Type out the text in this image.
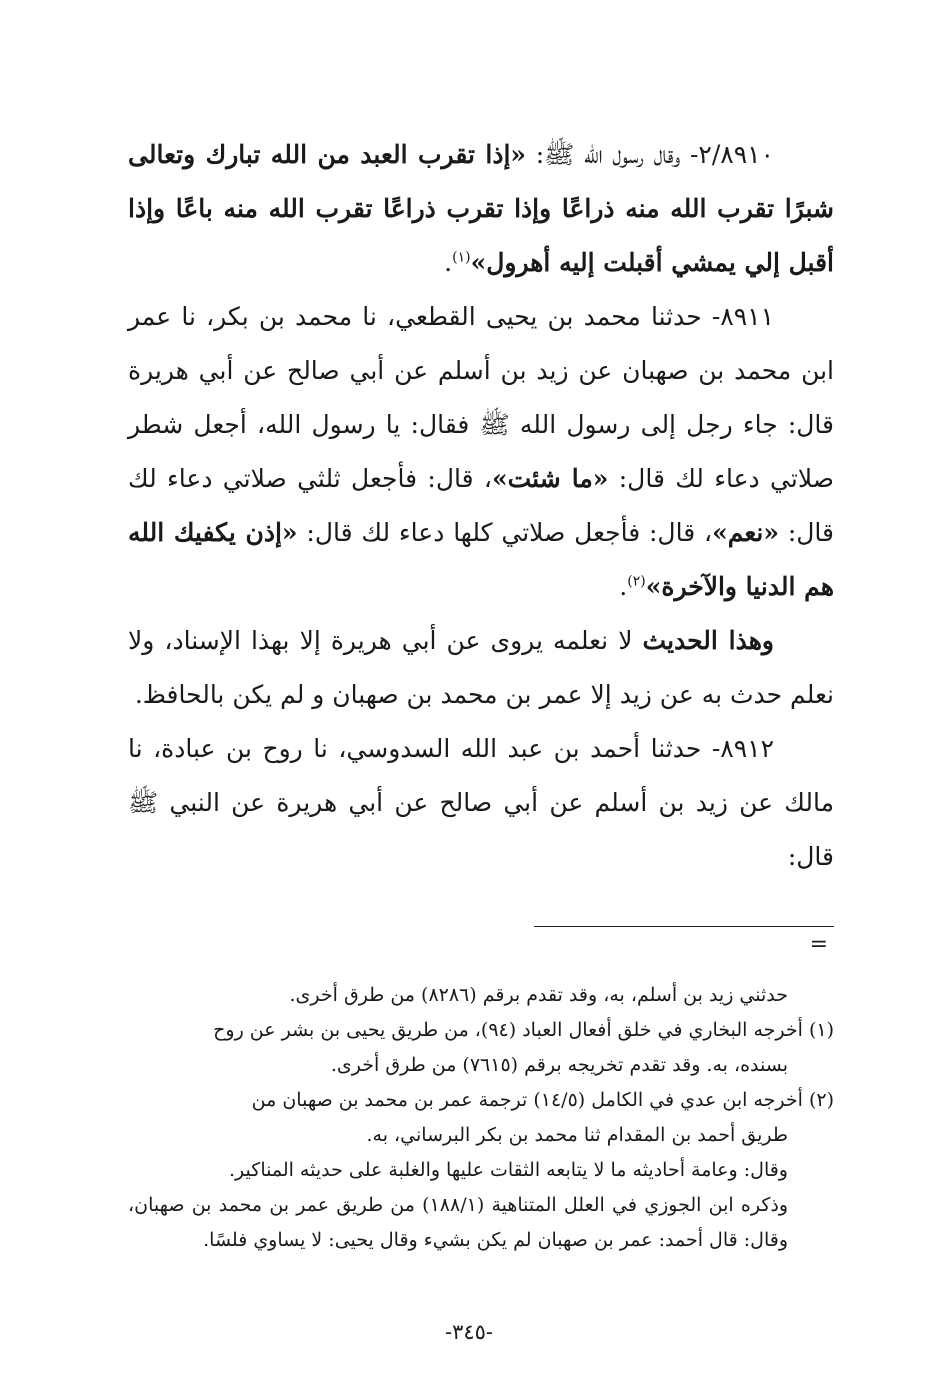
٢/٨٩١٠- وقال رسول الله ﷺ: «إذا تقرب العبد من الله تبارك وتعالى شبرًا تقرب الله منه ذراعًا وإذا تقرب ذراعًا تقرب الله منه باعًا وإذا أقبل إلي يمشي أقبلت إليه أهرول»$^{(١)}$.

٨٩١١- حدثنا محمد بن يحيى القطعي، نا محمد بن بكر، نا عمر ابن محمد بن صهبان عن زيد بن أسلم عن أبي صالح عن أبي هريرة قال: جاء رجل إلى رسول الله ﷺ فقال: يا رسول الله، أجعل شطر صلاتي دعاء لك قال: «ما شئت»، قال: فأجعل ثلثي صلاتي دعاء لك قال: «نعم»، قال: فأجعل صلاتي كلها دعاء لك قال: «إذن يكفيك الله هم الدنيا والآخرة»$^{(٢)}$.

وهذا الحديث لا نعلمه يروى عن أبي هريرة إلا بهذا الإسناد، ولا نعلم حدث به عن زيد إلا عمر بن محمد بن صهبان و لم يكن بالحافظ.

٨٩١٢- حدثنا أحمد بن عبد الله السدوسي، نا روح بن عبادة، نا مالك عن زيد بن أسلم عن أبي صالح عن أبي هريرة عن النبي ﷺ قال:

=

حدثني زيد بن أسلم، به، وقد تقدم برقم (٨٢٨٦) من طرق أخرى.

(١) أخرجه البخاري في خلق أفعال العباد (٩٤)، من طريق يحيى بن بشر عن روح

بسنده، به. وقد تقدم تخريجه برقم (٧٦١٥) من طرق أخرى.

(٢) أخرجه ابن عدي في الكامل (١٤/٥) ترجمة عمر بن محمد بن صهبان من

طريق أحمد بن المقدام ثنا محمد بن بكر البرساني، به.

وقال: وعامة أحاديثه ما لا يتابعه الثقات عليها والغلبة على حديثه المناكير.

وذكره ابن الجوزي في العلل المتناهية (١٨٨/١) من طريق عمر بن محمد بن صهبان، وقال: قال أحمد: عمر بن صهبان لم يكن بشيء وقال يحيى: لا يساوي فلسًا.

-٣٤٥-
